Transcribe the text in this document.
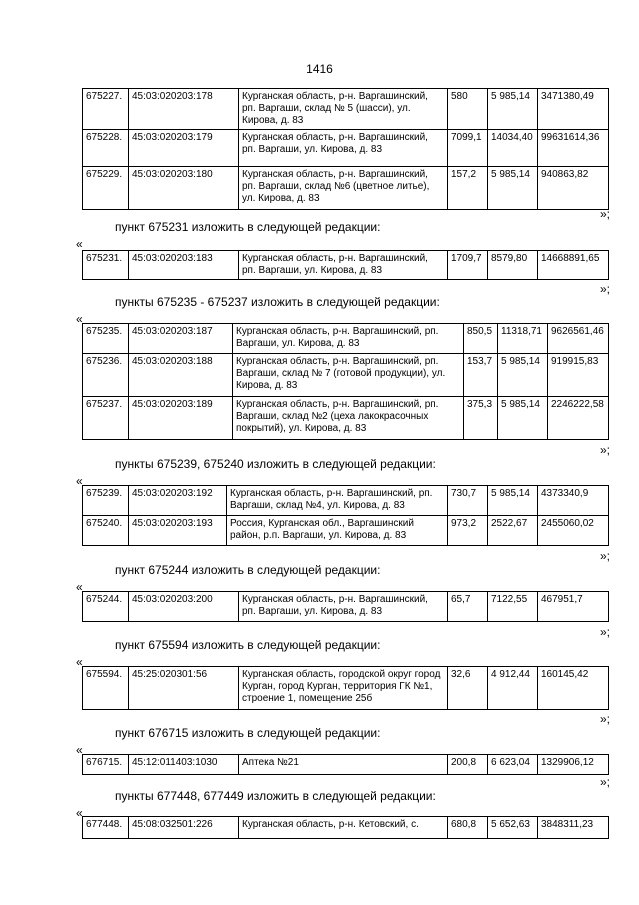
1416
675227.	45:03:020203:178	Курганская область, р-н. Варгашинский, рп. Варгаши, склад № 5 (шасси), ул. Кирова, д. 83	580	5 985,14	3471380,49
675228.	45:03:020203:179	Курганская область, р-н. Варгашинский, рп. Варгаши, ул. Кирова, д. 83	7099,1	14034,40	99631614,36
675229.	45:03:020203:180	Курганская область, р-н. Варгашинский, рп. Варгаши, склад №6 (цветное литье), ул. Кирова, д. 83	157,2	5 985,14	940863,82
»;
пункт 675231 изложить в следующей редакции:
«
675231.	45:03:020203:183	Курганская область, р-н. Варгашинский, рп. Варгаши, ул. Кирова, д. 83	1709,7	8579,80	14668891,65
»;
пункты 675235 - 675237 изложить в следующей редакции:
«
675235.	45:03:020203:187	Курганская область, р-н. Варгашинский, рп. Варгаши, ул. Кирова, д. 83	850,5	11318,71	9626561,46
675236.	45:03:020203:188	Курганская область, р-н. Варгашинский, рп. Варгаши, склад № 7 (готовой продукции), ул. Кирова, д. 83	153,7	5 985,14	919915,83
675237.	45:03:020203:189	Курганская область, р-н. Варгашинский, рп. Варгаши, склад №2 (цеха лакокрасочных покрытий), ул. Кирова, д. 83	375,3	5 985,14	2246222,58
»;
пункты 675239, 675240 изложить в следующей редакции:
«
675239.	45:03:020203:192	Курганская область, р-н. Варгашинский, рп. Варгаши, склад №4, ул. Кирова, д. 83	730,7	5 985,14	4373340,9
675240.	45:03:020203:193	Россия, Курганская обл., Варгашинский район, р.п. Варгаши, ул. Кирова, д. 83	973,2	2522,67	2455060,02
»;
пункт 675244 изложить в следующей редакции:
«
675244.	45:03:020203:200	Курганская область, р-н. Варгашинский, рп. Варгаши, ул. Кирова, д. 83	65,7	7122,55	467951,7
»;
пункт 675594 изложить в следующей редакции:
«
675594.	45:25:020301:56	Курганская область, городской округ город Курган, город Курган, территория ГК №1, строение 1, помещение 25б	32,6	4 912,44	160145,42
»;
пункт 676715 изложить в следующей редакции:
«
676715.	45:12:011403:1030	Аптека №21	200,8	6 623,04	1329906,12
»;
пункты 677448, 677449 изложить в следующей редакции:
«
677448.	45:08:032501:226	Курганская область, р-н. Кетовский, с.	680,8	5 652,63	3848311,23
